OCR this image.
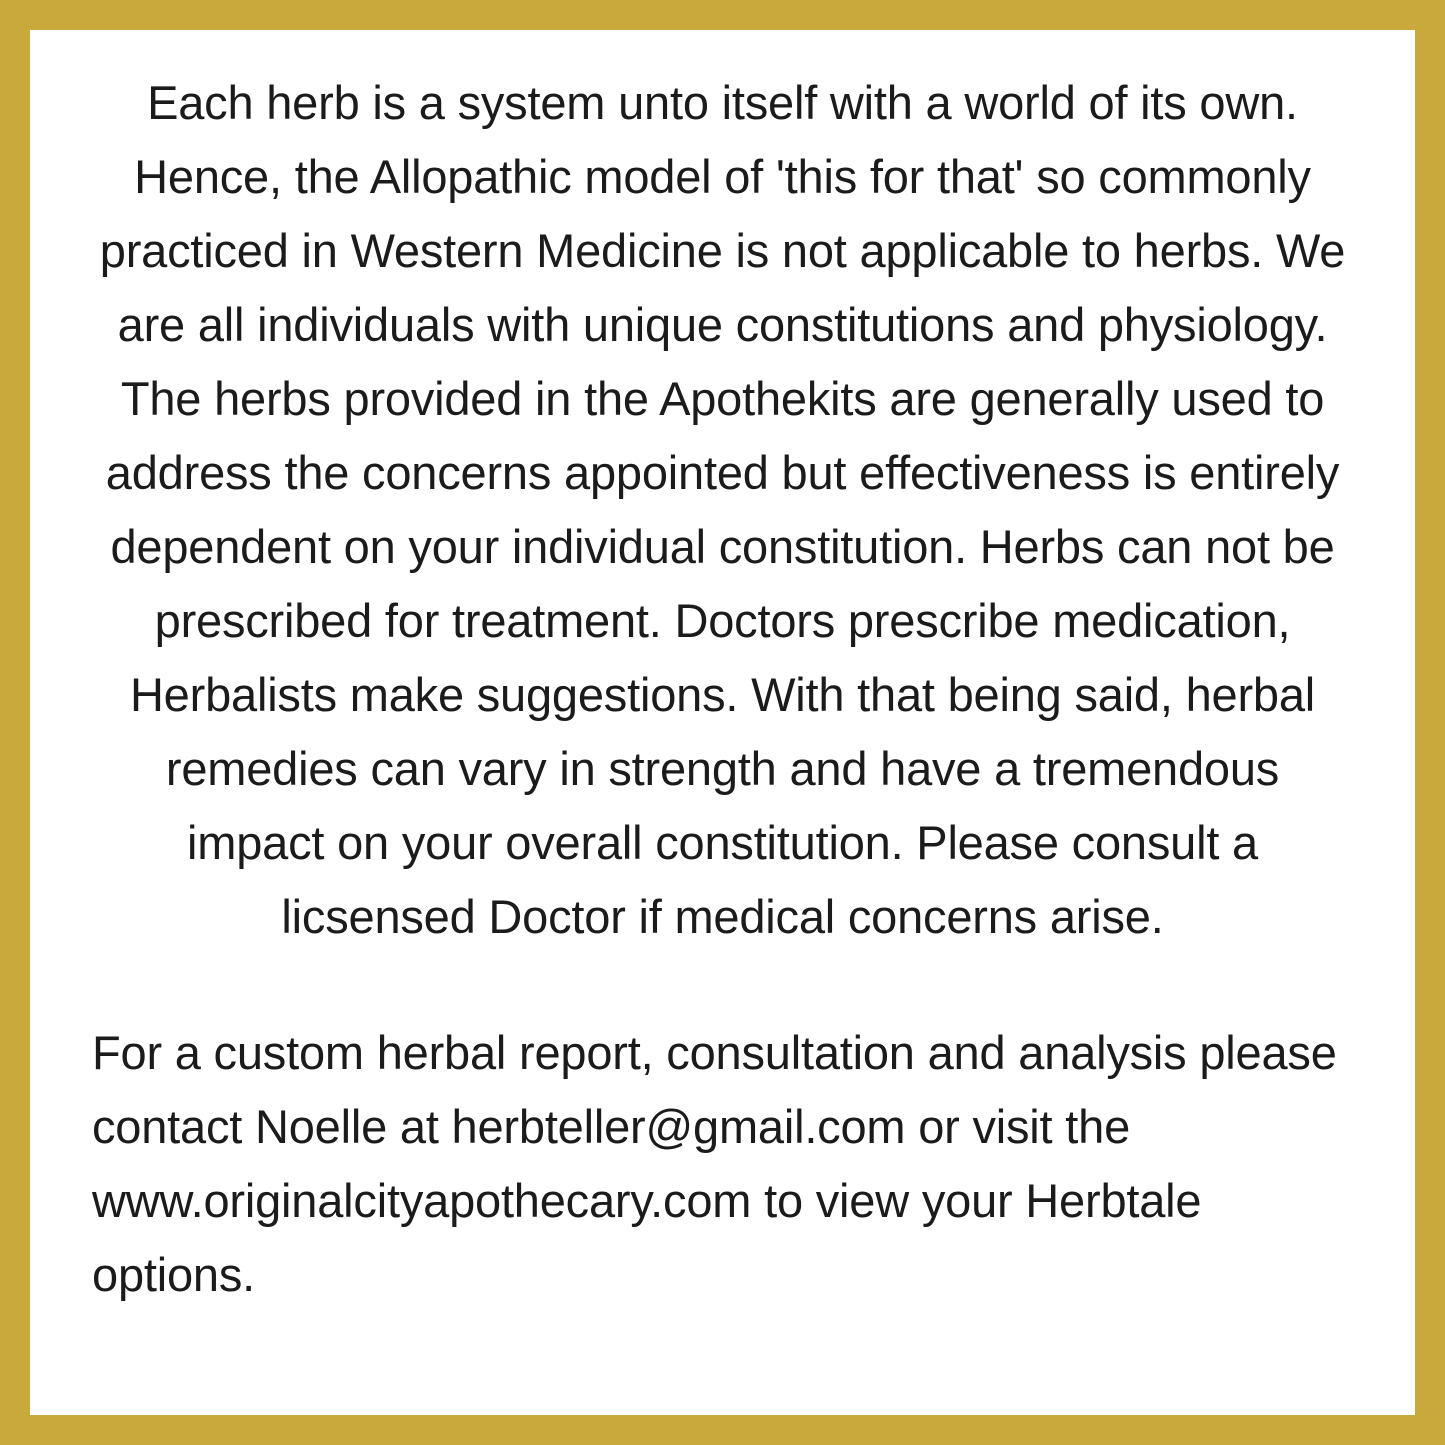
Each herb is a system unto itself with a world of its own. Hence, the Allopathic model of 'this for that' so commonly practiced in Western Medicine is not applicable to herbs. We are all individuals with unique constitutions and physiology. The herbs provided in the Apothekits are generally used to address the concerns appointed but effectiveness is entirely dependent on your individual constitution. Herbs can not be prescribed for treatment. Doctors prescribe medication, Herbalists make suggestions. With that being said, herbal remedies can vary in strength and have a tremendous impact on your overall constitution. Please consult a licsensed Doctor if medical concerns arise.

For a custom herbal report, consultation and analysis please contact Noelle at herbteller@gmail.com or visit the www.originalcityapothecary.com to view your Herbtale options.
